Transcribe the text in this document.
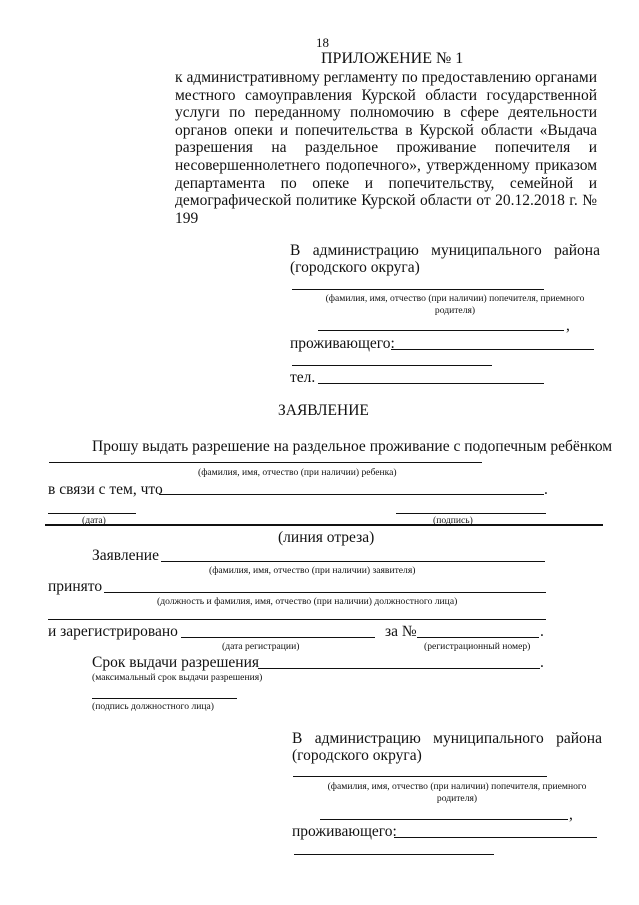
18
ПРИЛОЖЕНИЕ № 1
к административному регламенту по предоставлению органами
местного самоуправления Курской области государственной
услуги по переданному полномочию в сфере деятельности
органов опеки и попечительства в Курской области «Выдача
разрешения на раздельное проживание попечителя и
несовершеннолетнего подопечного», утвержденному приказом
департамента по опеке и попечительству, семейной и
демографической политике Курской области от 20.12.2018 г. №
199
В администрацию муниципального района
(городского округа)
(фамилия, имя, отчество (при наличии) попечителя, приемного
родителя)
,
проживающего:
тел.
ЗАЯВЛЕНИЕ
Прошу выдать разрешение на раздельное проживание с подопечным ребёнком
(фамилия, имя, отчество (при наличии) ребенка)
в связи с тем, что	.
(дата)	(подпись)
(линия отреза)
Заявление
(фамилия, имя, отчество (при наличии) заявителя)
принято
(должность и фамилия, имя, отчество (при наличии) должностного лица)
и зарегистрировано	за №	.
(дата регистрации)	(регистрационный номер)
Срок выдачи разрешения	.
(максимальный срок выдачи разрешения)
(подпись должностного лица)
В администрацию муниципального района
(городского округа)
(фамилия, имя, отчество (при наличии) попечителя, приемного
родителя)
,
проживающего:
